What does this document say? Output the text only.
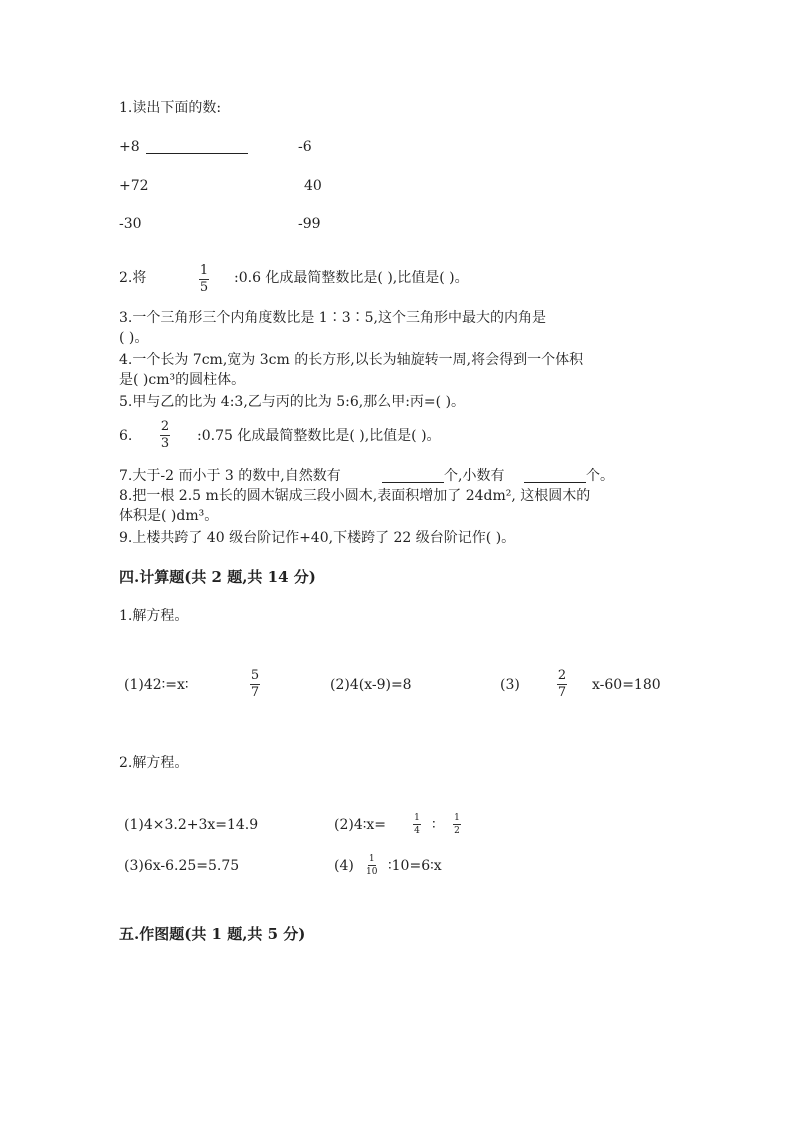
1.读出下面的数:
+8	-6
+72	40
-30	-99
2.将	1
5
:0.6 化成最简整数比是( ),比值是( )。
3.一个三角形三个内角度数比是 1∶3∶5,这个三角形中最大的内角是
( )。
4.一个长为 7cm,宽为 3cm 的长方形,以长为轴旋转一周,将会得到一个体积
是( )cm³的圆柱体。
5.甲与乙的比为 4:3,乙与丙的比为 5:6,那么甲:丙=( )。
6.
2
3 :0.75 化成最简整数比是( ),比值是( )。
7.大于-2 而小于 3 的数中,自然数有	个,小数有	个。
8.把一根 2.5 m长的圆木锯成三段小圆木,表面积增加了 24dm², 这根圆木的
体积是( )dm³。
9.上楼共跨了 40 级台阶记作+40,下楼跨了 22 级台阶记作( )。
四.计算题(共 2 题,共 14 分)
1.解方程。
(1)42∶=x∶
5
7	(2)4(x-9)=8	(3)
2
7 x-60=180
2.解方程。
(1)4×3.2+3x=14.9	(2)4∶x=	1
4 ∶ 1
2
(3)6x-6.25=5.75	(4) 1
10 ∶10=6∶x
五.作图题(共 1 题,共 5 分)
